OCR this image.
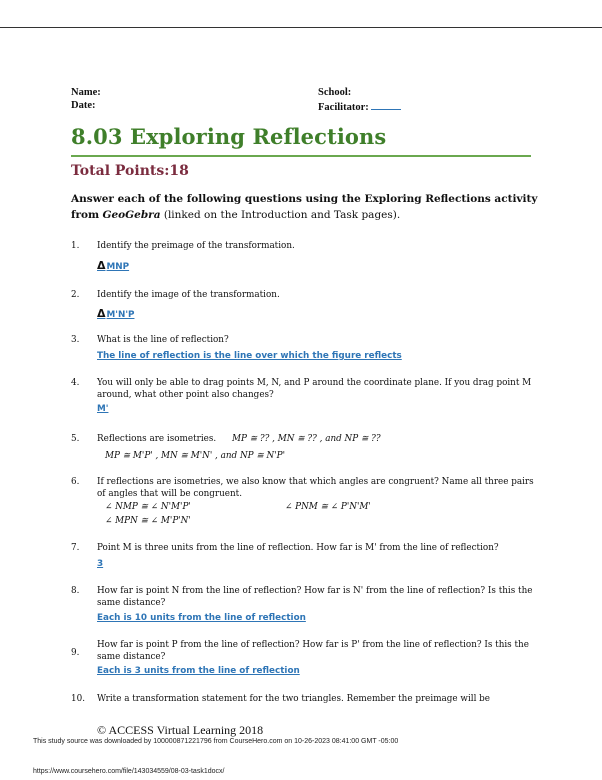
Name:
Date:
School:
Facilitator:
8.03 Exploring Reflections
Total Points:18
Answer each of the following questions using the Exploring Reflections activity from GeoGebra (linked on the Introduction and Task pages).
1. Identify the preimage of the transformation.
ΔMNP
2. Identify the image of the transformation.
ΔM'N'P
3. What is the line of reflection?
The line of reflection is the line over which the figure reflects
4. You will only be able to drag points M, N, and P around the coordinate plane. If you drag point M around, what other point also changes?
M'
5. Reflections are isometries. MP ≅ ?? , MN ≅ ?? , and NP ≅ ??
MP ≅ M'P' , MN ≅ M'N' , and NP ≅ N'P'
6. If reflections are isometries, we also know that which angles are congruent? Name all three pairs of angles that will be congruent.
∠ NMP ≅ ∠ N'M'P'	∠ PNM ≅ ∠ P'N'M'
∠ MPN ≅ ∠ M'P'N'
7. Point M is three units from the line of reflection. How far is M' from the line of reflection?
3
8. How far is point N from the line of reflection? How far is N' from the line of reflection? Is this the same distance?
Each is 10 units from the line of reflection
9.
How far is point P from the line of reflection? How far is P' from the line of reflection? Is this the same distance?
Each is 3 units from the line of reflection
10. Write a transformation statement for the two triangles. Remember the preimage will be
© ACCESS Virtual Learning 2018
This study source was downloaded by 100000871221796 from CourseHero.com on 10-26-2023 08:41:00 GMT -05:00
https://www.coursehero.com/file/143034559/08-03-task1docx/
